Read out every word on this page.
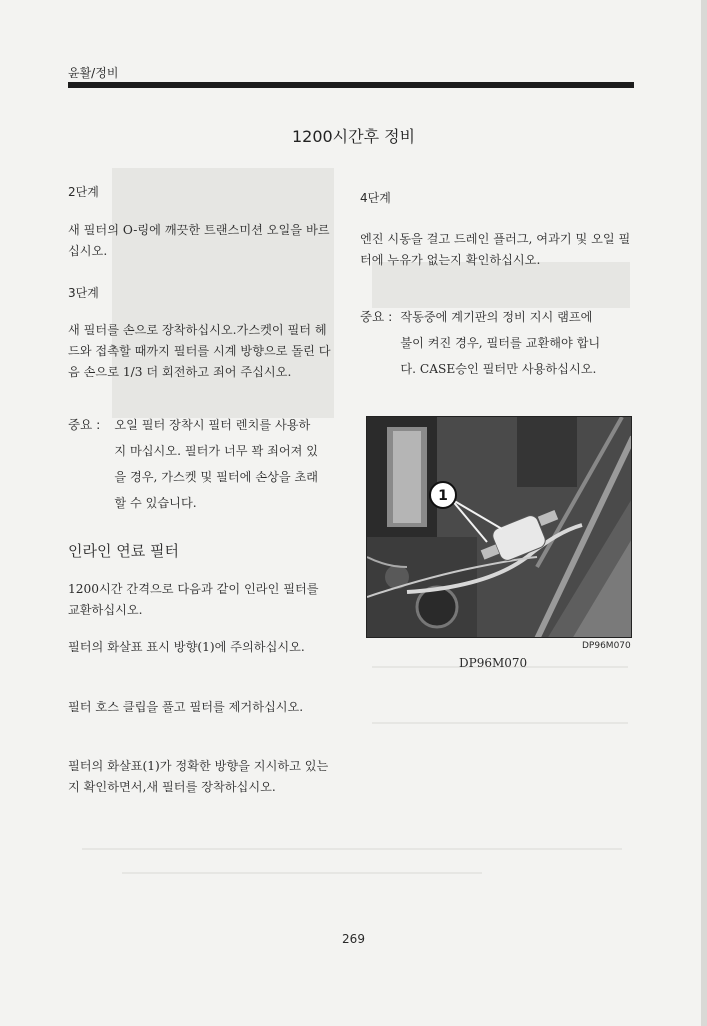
윤활/정비
1200시간후 정비
2단계
새 필터의 O-링에 깨끗한 트랜스미션 오일을 바르십시오.
3단계
새 필터를 손으로 장착하십시오.가스켓이 필터 헤드와 접촉할 때까지 필터를 시계 방향으로 돌린 다음 손으로 1/3 더 회전하고 죄어 주십시오.
중요 : 오일 필터 장착시 필터 렌치를 사용하지 마십시오. 필터가 너무 꽉 죄어져 있을 경우, 가스켓 및 필터에 손상을 초래할 수 있습니다.
인라인 연료 필터
1200시간 간격으로 다음과 같이 인라인 필터를 교환하십시오.
필터의 화살표 표시 방향(1)에 주의하십시오.
필터 호스 클립을 풀고 필터를 제거하십시오.
필터의 화살표(1)가 정확한 방향을 지시하고 있는지 확인하면서,새 필터를 장착하십시오.
4단계
엔진 시동을 걸고 드레인 플러그, 여과기 및 오일 필터에 누유가 없는지 확인하십시오.
중요 : 작동중에 계기판의 정비 지시 램프에 불이 켜진 경우, 필터를 교환해야 합니다. CASE승인 필터만 사용하십시오.
1
DP96M070
DP96M070
269
